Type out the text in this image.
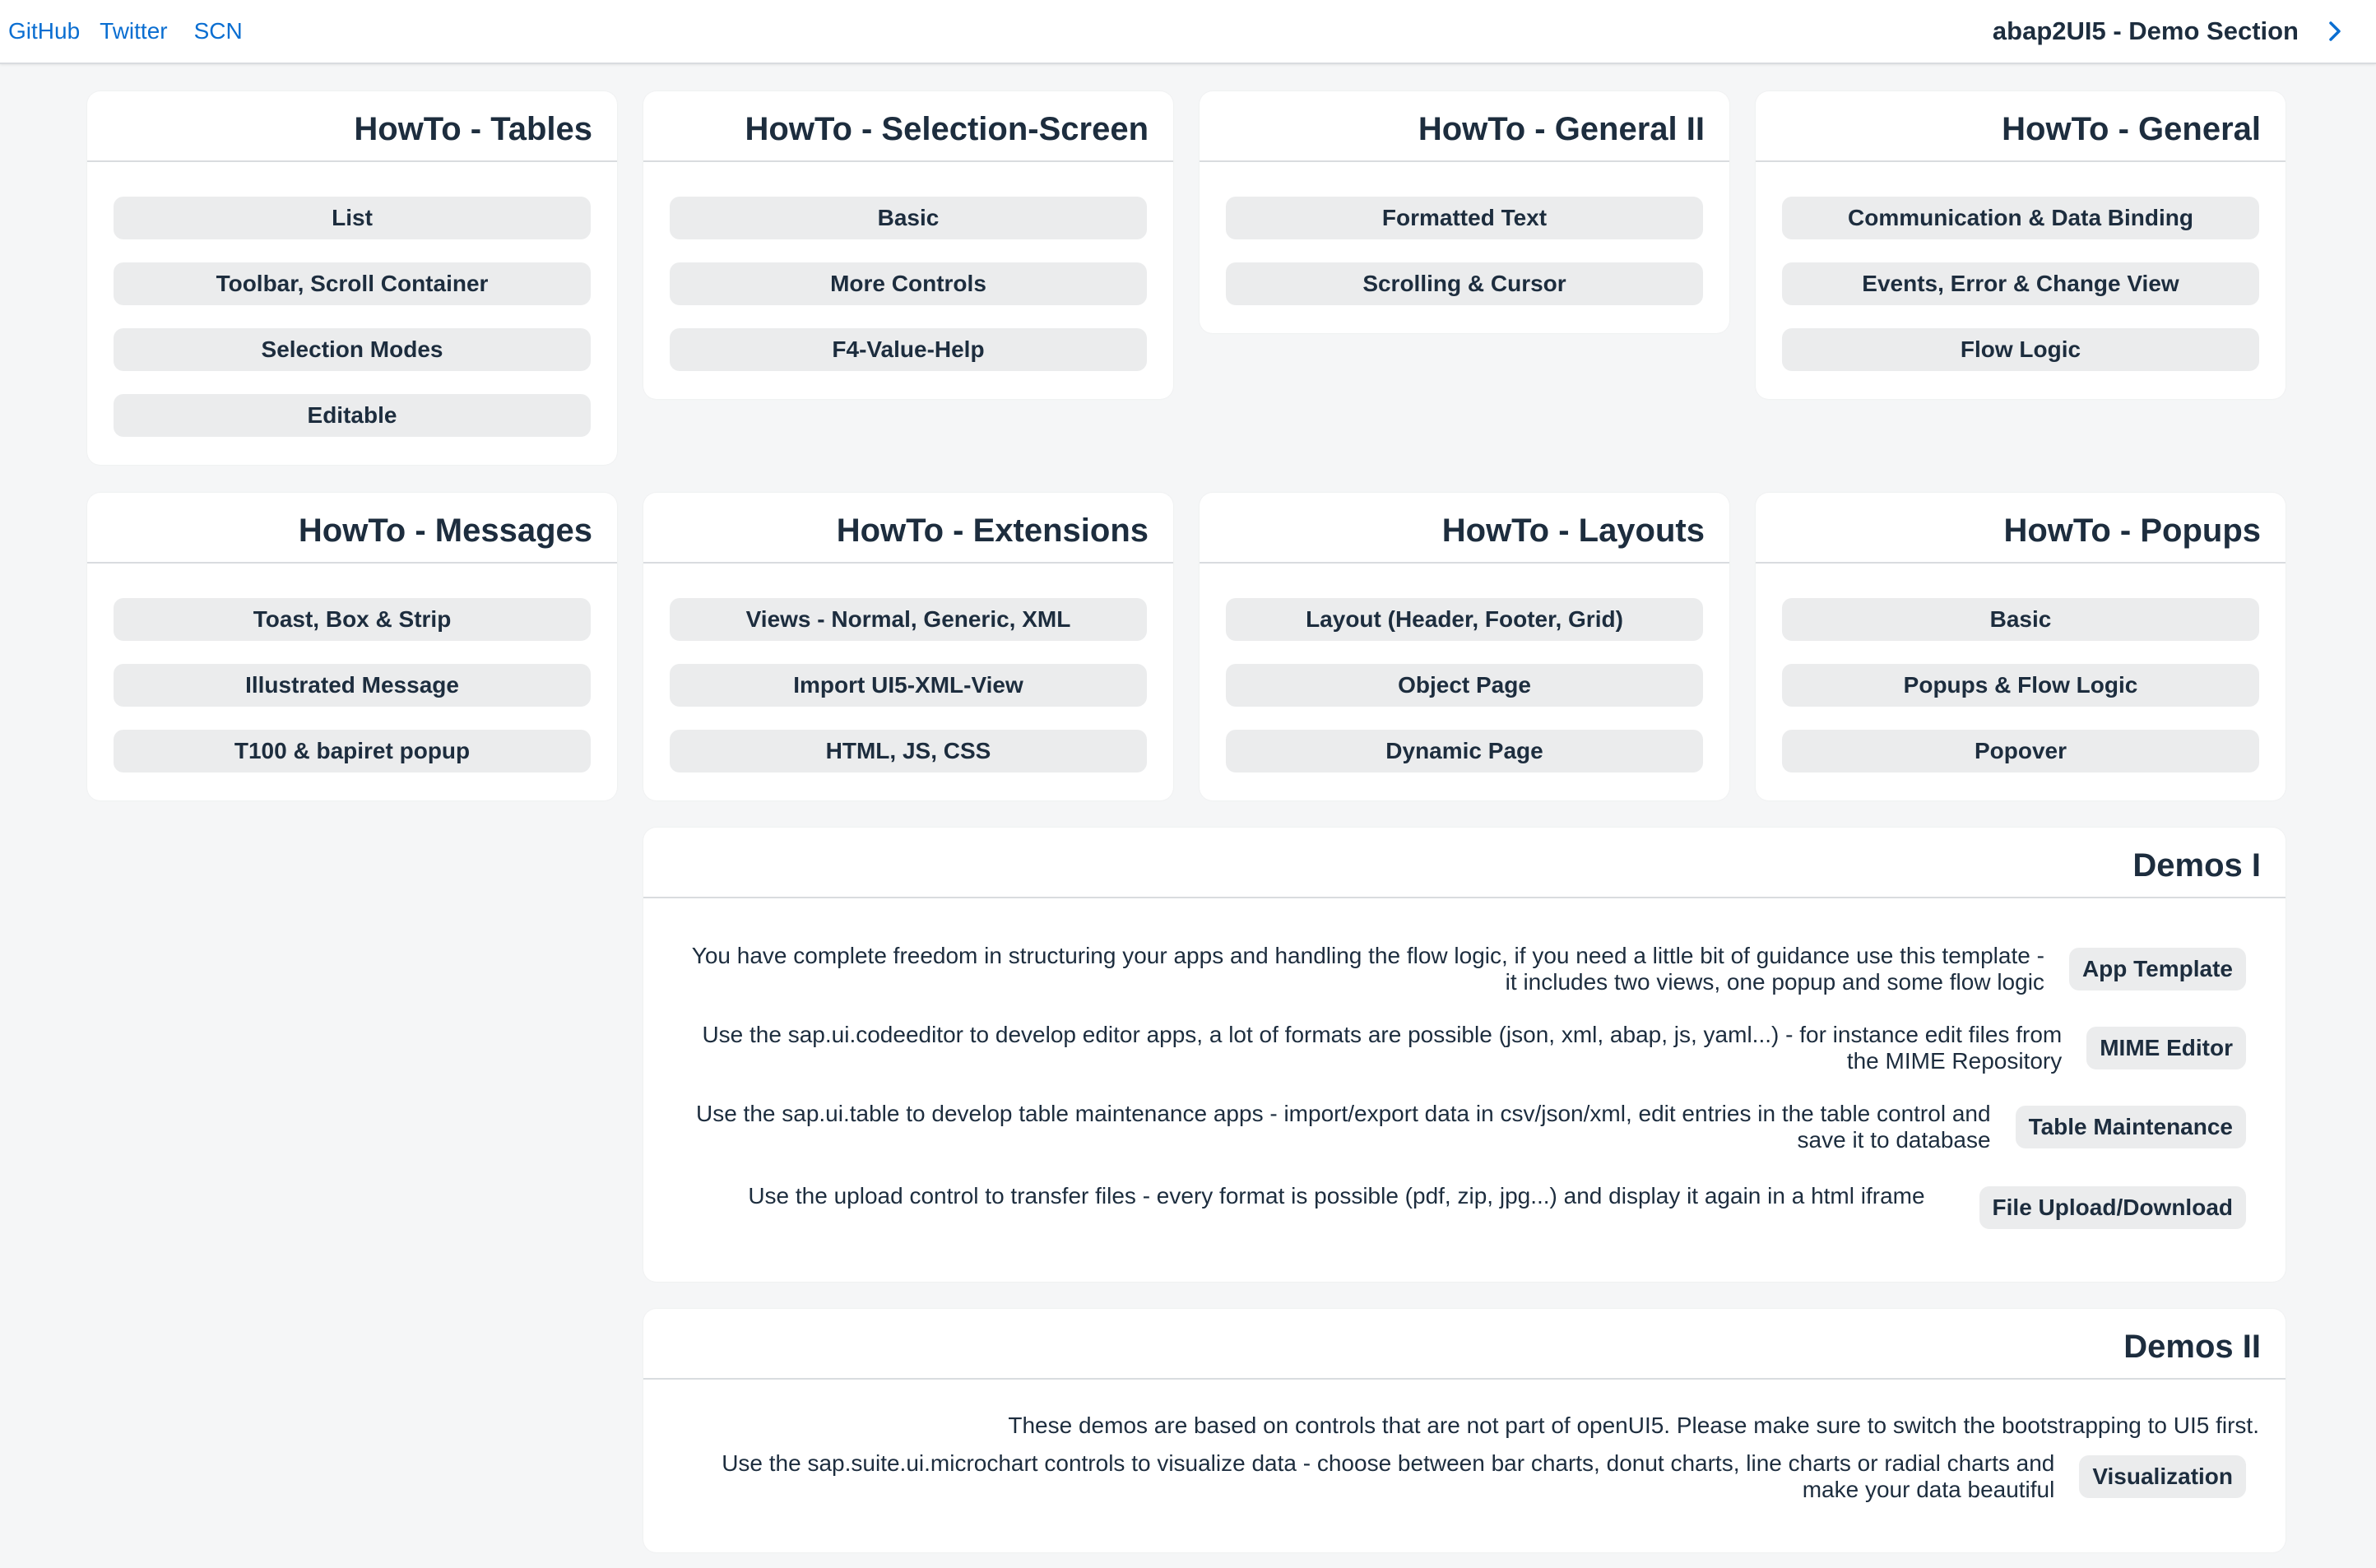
GitHub Twitter SCN	abap2UI5 - Demo Section
HowTo - Tables
List
Toolbar, Scroll Container
Selection Modes
Editable
HowTo - Selection-Screen
Basic
More Controls
F4-Value-Help
HowTo - General II
Formatted Text
Scrolling & Cursor
HowTo - General
Communication & Data Binding
Events, Error & Change View
Flow Logic
HowTo - Messages
Toast, Box & Strip
Illustrated Message
T100 & bapiret popup
HowTo - Extensions
Views - Normal, Generic, XML
Import UI5-XML-View
HTML, JS, CSS
HowTo - Layouts
Layout (Header, Footer, Grid)
Object Page
Dynamic Page
HowTo - Popups
Basic
Popups & Flow Logic
Popover
Demos I
You have complete freedom in structuring your apps and handling the flow logic, if you need a little bit of guidance use this template - it includes two views, one popup and some flow logic
App Template
Use the sap.ui.codeeditor to develop editor apps, a lot of formats are possible (json, xml, abap, js, yaml...) - for instance edit files from the MIME Repository
MIME Editor
Use the sap.ui.table to develop table maintenance apps - import/export data in csv/json/xml, edit entries in the table control and save it to database
Table Maintenance
Use the upload control to transfer files - every format is possible (pdf, zip, jpg...) and display it again in a html iframe	File Upload/Download
Demos II
These demos are based on controls that are not part of openUI5. Please make sure to switch the bootstrapping to UI5 first.
Use the sap.suite.ui.microchart controls to visualize data - choose between bar charts, donut charts, line charts or radial charts and make your data beautiful
Visualization
